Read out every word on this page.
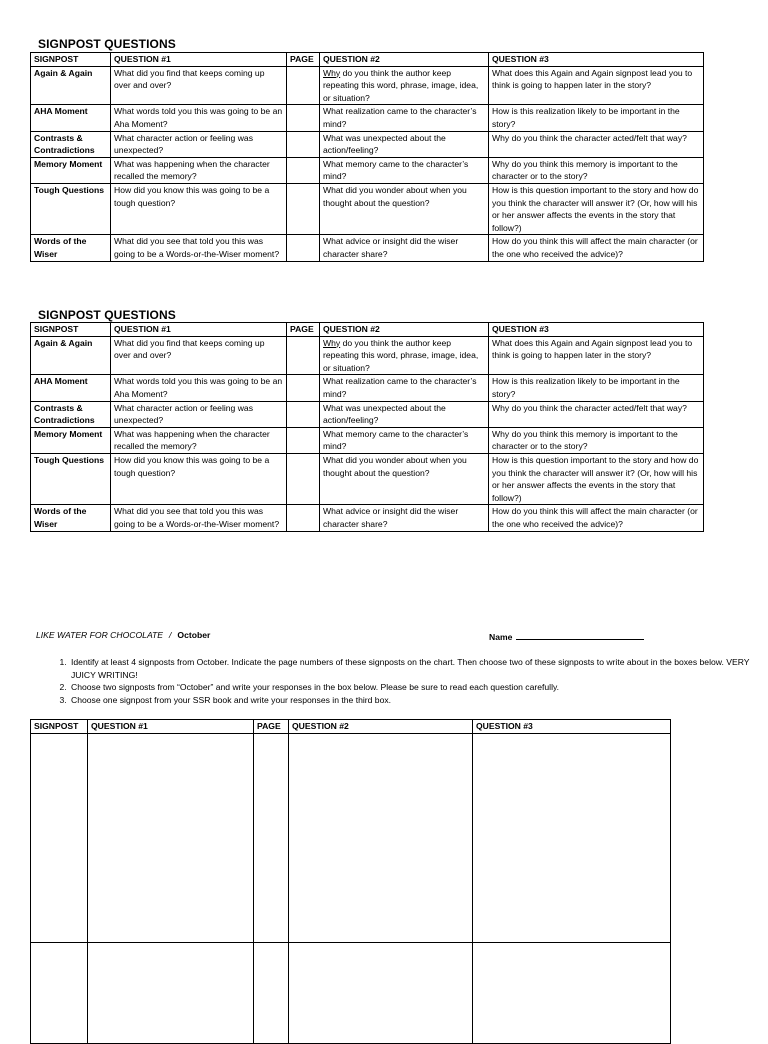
SIGNPOST QUESTIONS
SIGNPOST	QUESTION #1	PAGE	QUESTION #2	QUESTION #3
Again & Again	What did you find that keeps coming up over and over?		Why do you think the author keep repeating this word, phrase, image, idea, or situation?	What does this Again and Again signpost lead you to think is going to happen later in the story?
AHA Moment	What words told you this was going to be an Aha Moment?		What realization came to the character’s mind?	How is this realization likely to be important in the story?
Contrasts & Contradictions	What character action or feeling was unexpected?		What was unexpected about the action/feeling?	Why do you think the character acted/felt that way?
Memory Moment	What was happening when the character recalled the memory?		What memory came to the character’s mind?	Why do you think this memory is important to the character or to the story?
Tough Questions	How did you know this was going to be a tough question?		What did you wonder about when you thought about the question?	How is this question important to the story and how do you think the character will answer it? (Or, how will his or her answer affects the events in the story that follow?)
Words of the Wiser	What did you see that told you this was going to be a Words-or-the-Wiser moment?		What advice or insight did the wiser character share?	How do you think this will affect the main character (or the one who received the advice)?
SIGNPOST QUESTIONS
SIGNPOST	QUESTION #1	PAGE	QUESTION #2	QUESTION #3
Again & Again	What did you find that keeps coming up over and over?		Why do you think the author keep repeating this word, phrase, image, idea, or situation?	What does this Again and Again signpost lead you to think is going to happen later in the story?
AHA Moment	What words told you this was going to be an Aha Moment?		What realization came to the character’s mind?	How is this realization likely to be important in the story?
Contrasts & Contradictions	What character action or feeling was unexpected?		What was unexpected about the action/feeling?	Why do you think the character acted/felt that way?
Memory Moment	What was happening when the character recalled the memory?		What memory came to the character’s mind?	Why do you think this memory is important to the character or to the story?
Tough Questions	How did you know this was going to be a tough question?		What did you wonder about when you thought about the question?	How is this question important to the story and how do you think the character will answer it? (Or, how will his or her answer affects the events in the story that follow?)
Words of the Wiser	What did you see that told you this was going to be a Words-or-the-Wiser moment?		What advice or insight did the wiser character share?	How do you think this will affect the main character (or the one who received the advice)?
LIKE WATER FOR CHOCOLATE / October	Name
1. Identify at least 4 signposts from October. Indicate the page numbers of these signposts on the chart. Then choose two of these signposts to write about in the boxes below. VERY JUICY WRITING!
2. Choose two signposts from “October” and write your responses in the box below. Please be sure to read each question carefully.
3. Choose one signpost from your SSR book and write your responses in the third box.
SIGNPOST	QUESTION #1	PAGE	QUESTION #2	QUESTION #3
